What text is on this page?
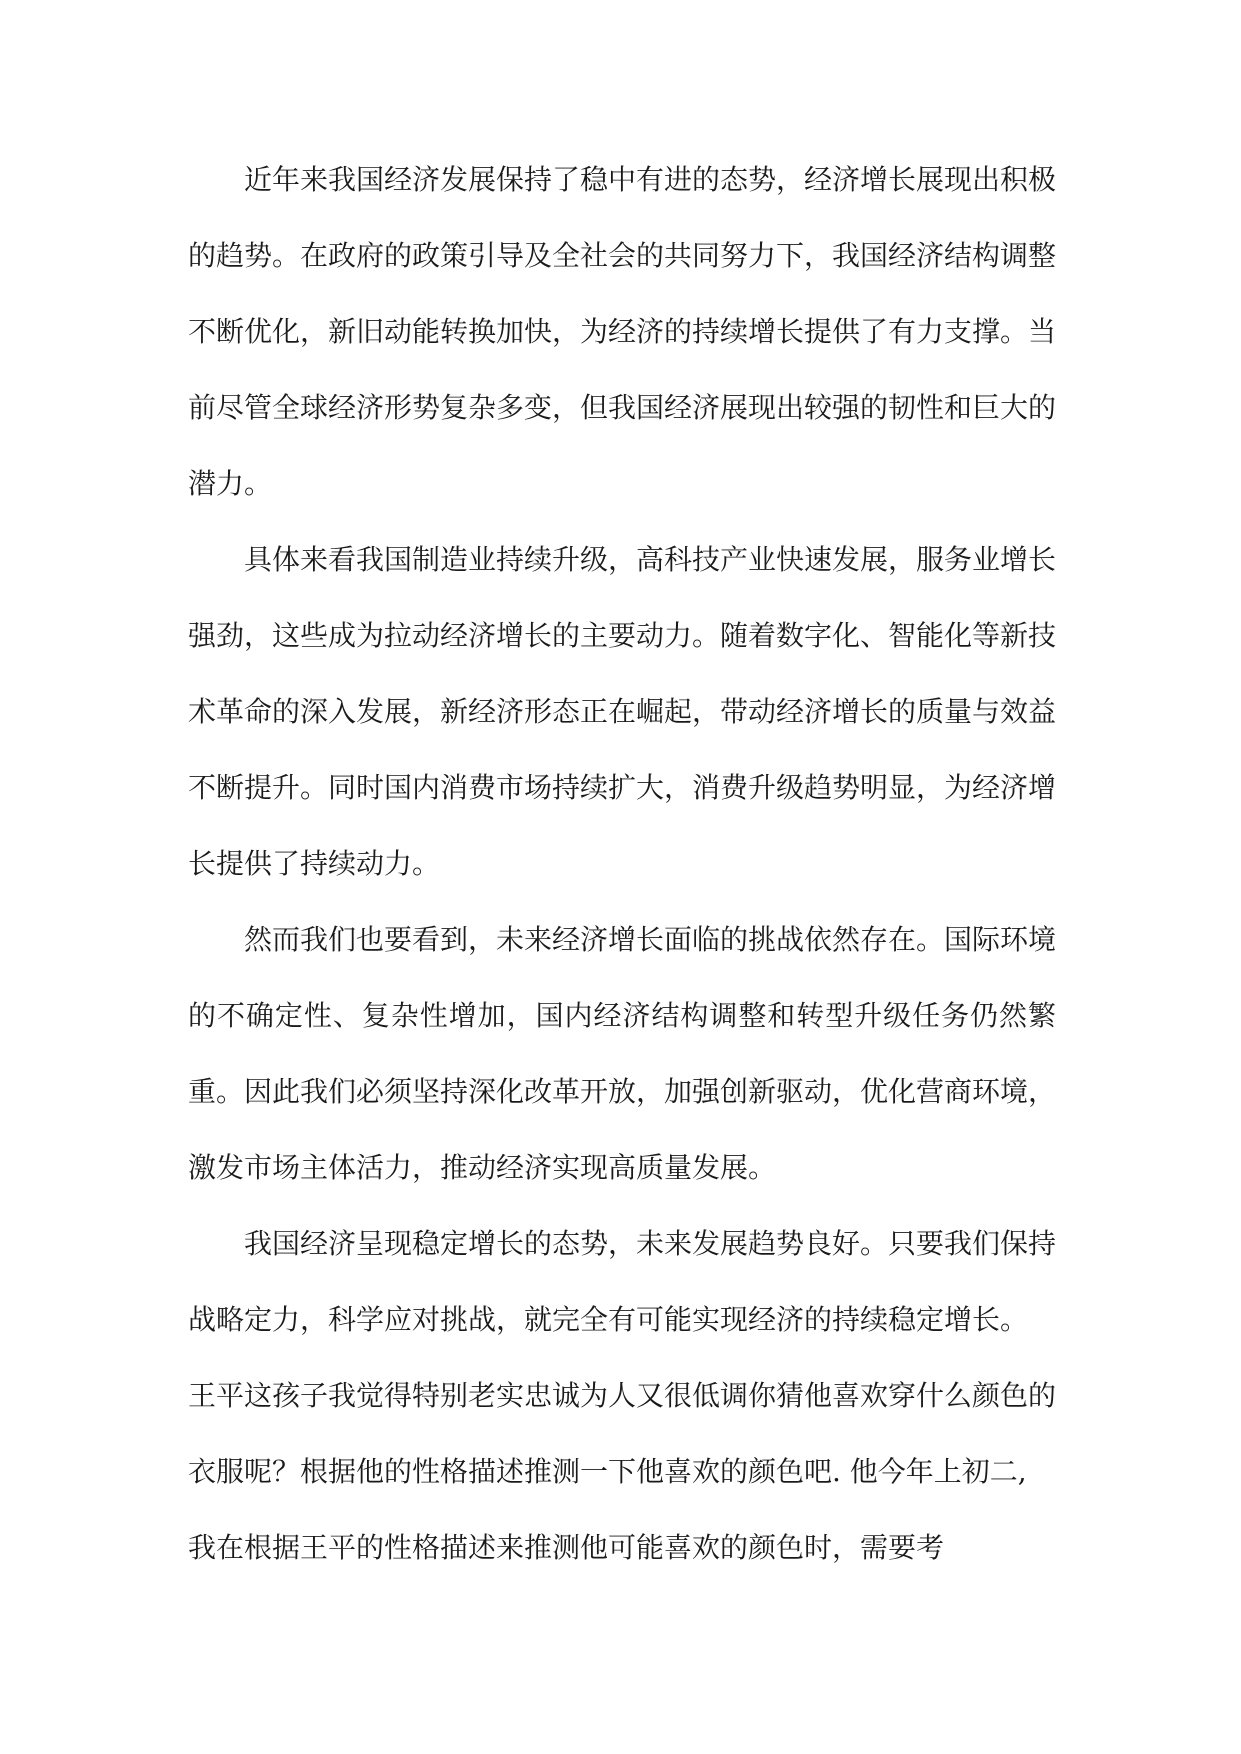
近年来我国经济发展保持了稳中有进的态势，经济增长展现出积极的趋势。在政府的政策引导及全社会的共同努力下，我国经济结构调整不断优化，新旧动能转换加快，为经济的持续增长提供了有力支撑。当前尽管全球经济形势复杂多变，但我国经济展现出较强的韧性和巨大的潜力。

具体来看我国制造业持续升级，高科技产业快速发展，服务业增长强劲，这些成为拉动经济增长的主要动力。随着数字化、智能化等新技术革命的深入发展，新经济形态正在崛起，带动经济增长的质量与效益不断提升。同时国内消费市场持续扩大，消费升级趋势明显，为经济增长提供了持续动力。

然而我们也要看到，未来经济增长面临的挑战依然存在。国际环境的不确定性、复杂性增加，国内经济结构调整和转型升级任务仍然繁重。因此我们必须坚持深化改革开放，加强创新驱动，优化营商环境，激发市场主体活力，推动经济实现高质量发展。

我国经济呈现稳定增长的态势，未来发展趋势良好。只要我们保持战略定力，科学应对挑战，就完全有可能实现经济的持续稳定增长。

王平这孩子我觉得特别老实忠诚为人又很低调你猜他喜欢穿什么颜色的衣服呢？根据他的性格描述推测一下他喜欢的颜色吧. 他今年上初二, 我在根据王平的性格描述来推测他可能喜欢的颜色时，需要考
